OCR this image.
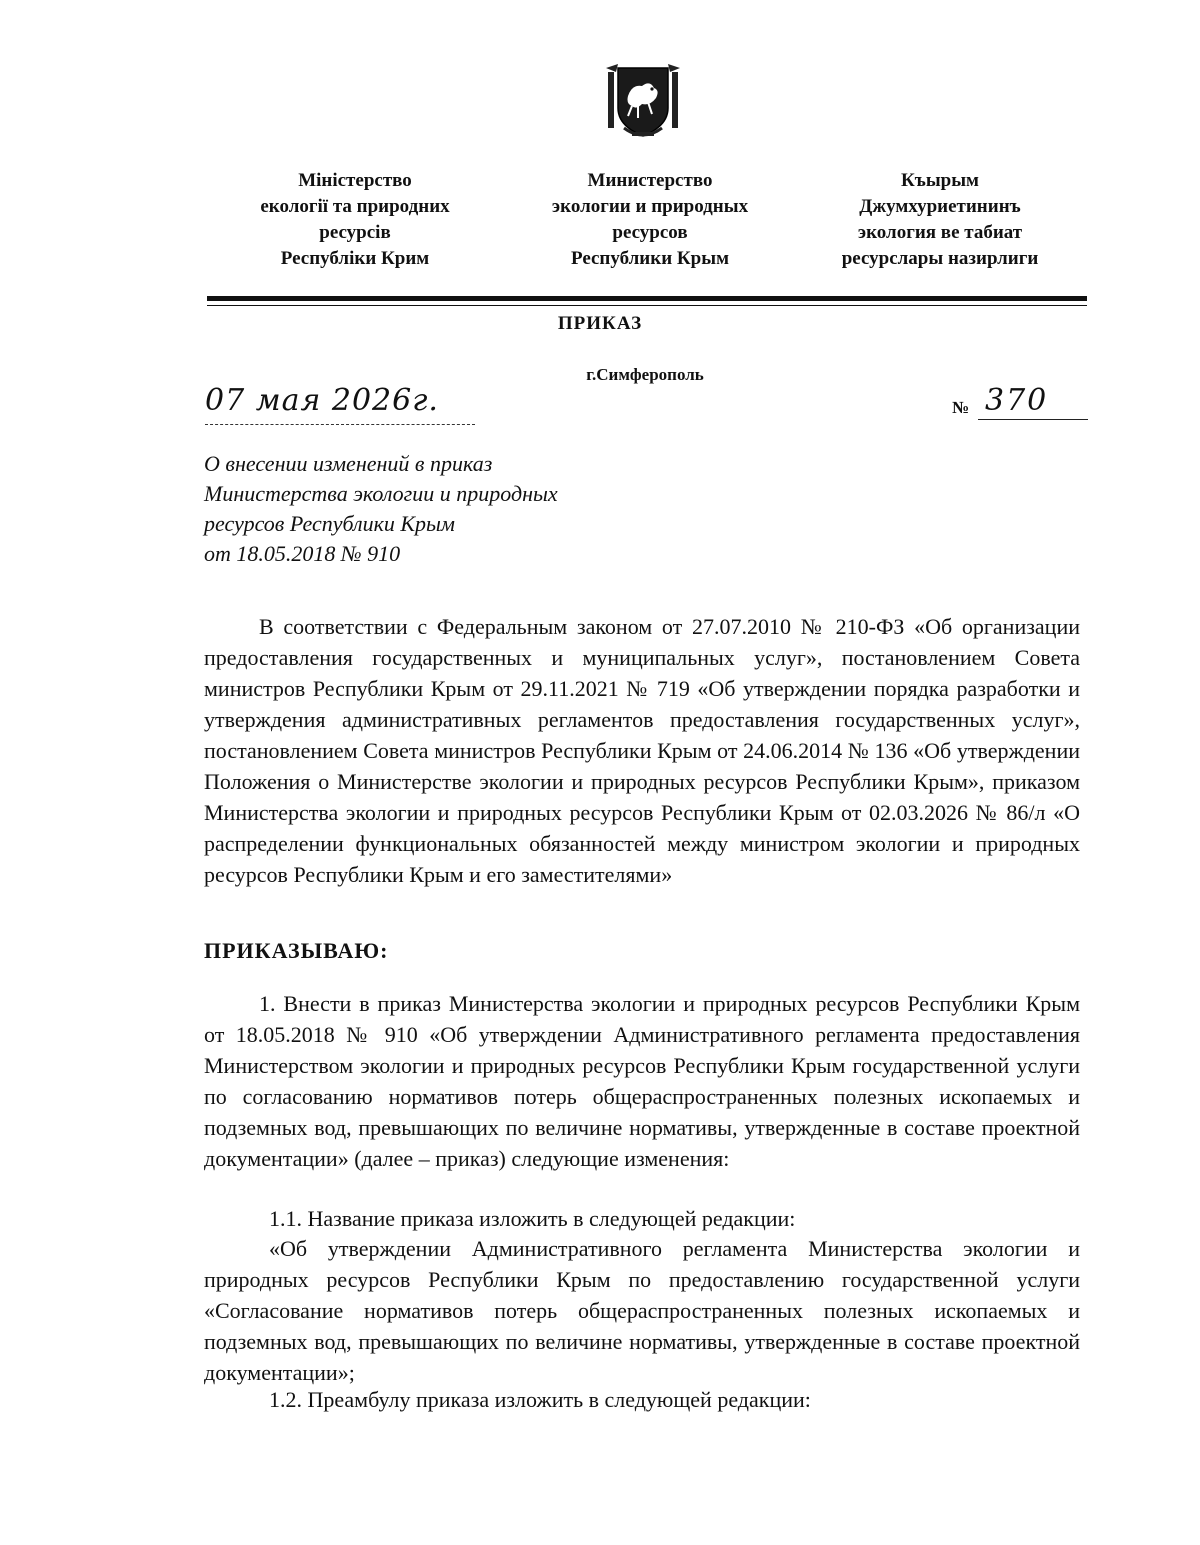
Міністерство
екології та природних
ресурсів
Республіки Крим
Министерство
экологии и природных
ресурсов
Республики Крым
Къырым
Джумхуриетининъ
экология ве табиат
ресурслары назирлиги
ПРИКАЗ
г.Симферополь
07 мая 2026г.	№ 370
О внесении изменений в приказ
Министерства экологии и природных
ресурсов Республики Крым
от 18.05.2018 № 910
В соответствии с Федеральным законом от 27.07.2010 № 210-ФЗ «Об организации предоставления государственных и муниципальных услуг», постановлением Совета министров Республики Крым от 29.11.2021 № 719 «Об утверждении порядка разработки и утверждения административных регламентов предоставления государственных услуг», постановлением Совета министров Республики Крым от 24.06.2014 № 136 «Об утверждении Положения о Министерстве экологии и природных ресурсов Республики Крым», приказом Министерства экологии и природных ресурсов Республики Крым от 02.03.2026 № 86/л «О распределении функциональных обязанностей между министром экологии и природных ресурсов Республики Крым и его заместителями»
ПРИКАЗЫВАЮ:
1. Внести в приказ Министерства экологии и природных ресурсов Республики Крым от 18.05.2018 № 910 «Об утверждении Административного регламента предоставления Министерством экологии и природных ресурсов Республики Крым государственной услуги по согласованию нормативов потерь общераспространенных полезных ископаемых и подземных вод, превышающих по величине нормативы, утвержденные в составе проектной документации» (далее – приказ) следующие изменения:
1.1. Название приказа изложить в следующей редакции:
«Об утверждении Административного регламента Министерства экологии и природных ресурсов Республики Крым по предоставлению государственной услуги «Согласование нормативов потерь общераспространенных полезных ископаемых и подземных вод, превышающих по величине нормативы, утвержденные в составе проектной документации»;
1.2. Преамбулу приказа изложить в следующей редакции:
